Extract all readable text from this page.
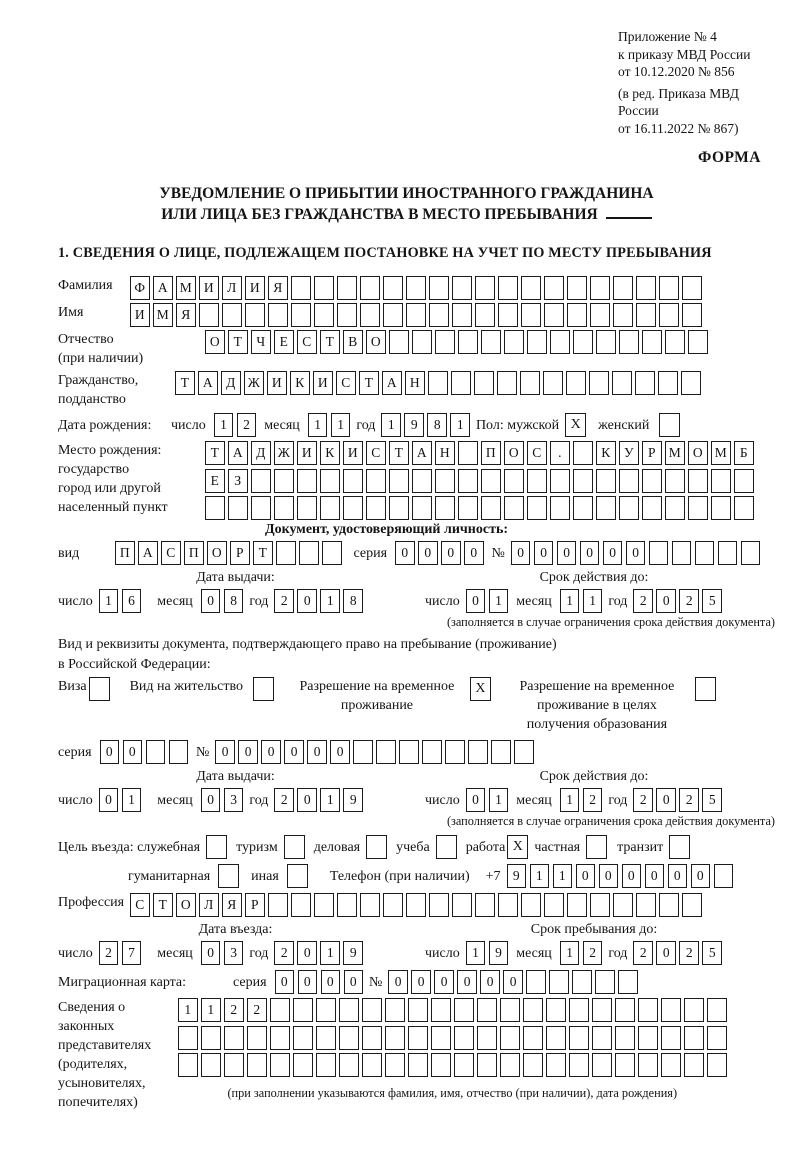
Приложение № 4
к приказу МВД России
от 10.12.2020 № 856
(в ред. Приказа МВД России
от 16.11.2022 № 867)
ФОРМА
УВЕДОМЛЕНИЕ О ПРИБЫТИИ ИНОСТРАННОГО ГРАЖДАНИНА
ИЛИ ЛИЦА БЕЗ ГРАЖДАНСТВА В МЕСТО ПРЕБЫВАНИЯ
1. СВЕДЕНИЯ О ЛИЦЕ, ПОДЛЕЖАЩЕМ ПОСТАНОВКЕ НА УЧЕТ ПО МЕСТУ ПРЕБЫВАНИЯ
Фамилия	Ф А М И	Л	И	Я
Имя	И М Я
Отчество
(при наличии)
О	Т	Ч	Е	С	Т	В	О
Гражданство,
подданство
Т	А	Д Ж И	К	И	С	Т	А Н
Дата рождения:	число	1	2	месяц	1	1 год 1	9	8	1 Пол: мужской X	женский
Место рождения:
государство
город или другой
населенный пункт
Т	А	Д Ж И	К	И	С	Т	А Н	П О	С	.	К	У	Р М О М Б
Е	З
Документ, удостоверяющий личность:
вид	П А	С	П О	Р	Т	серия	0	0	0	0	№ 0	0	0	0	0	0
Дата выдачи:
число 1	6	месяц	0	8 год 2	0	1	8
Срок действия до:
число 0	1	месяц	1	1 год 2	0	2	5
(заполняется в случае ограничения срока действия документа)
Вид и реквизиты документа, подтверждающего право на пребывание (проживание)
в Российской Федерации:
Виза	Вид на жительство	Разрешение на временное проживание
X	Разрешение на временное проживание в целях получения образования
серия	0	0	№ 0	0	0	0	0	0
Дата выдачи:
число 0	1	месяц	0	3 год 2	0	1	9
Срок действия до:
число 0	1	месяц	1	2 год 2	0	2	5
(заполняется в случае ограничения срока действия документа)
Цель въезда: служебная	туризм	деловая	учеба	работа X частная	транзит
гуманитарная	иная	Телефон (при наличии) +7 9	1	1	0	0	0	0	0	0
Профессия С	Т	О	Л	Я	Р
Дата въезда:
число 2	7	месяц	0	3 год 2	0	1	9
Срок пребывания до:
число 1	9	месяц	1	2 год 2	0	2	5
Миграционная карта:	серия	0	0	0	0 № 0	0	0	0	0	0
Сведения о законных представителях (родителях, усыновителях, попечителях)
1	1	2	2
(при заполнении указываются фамилия, имя, отчество (при наличии), дата рождения)
